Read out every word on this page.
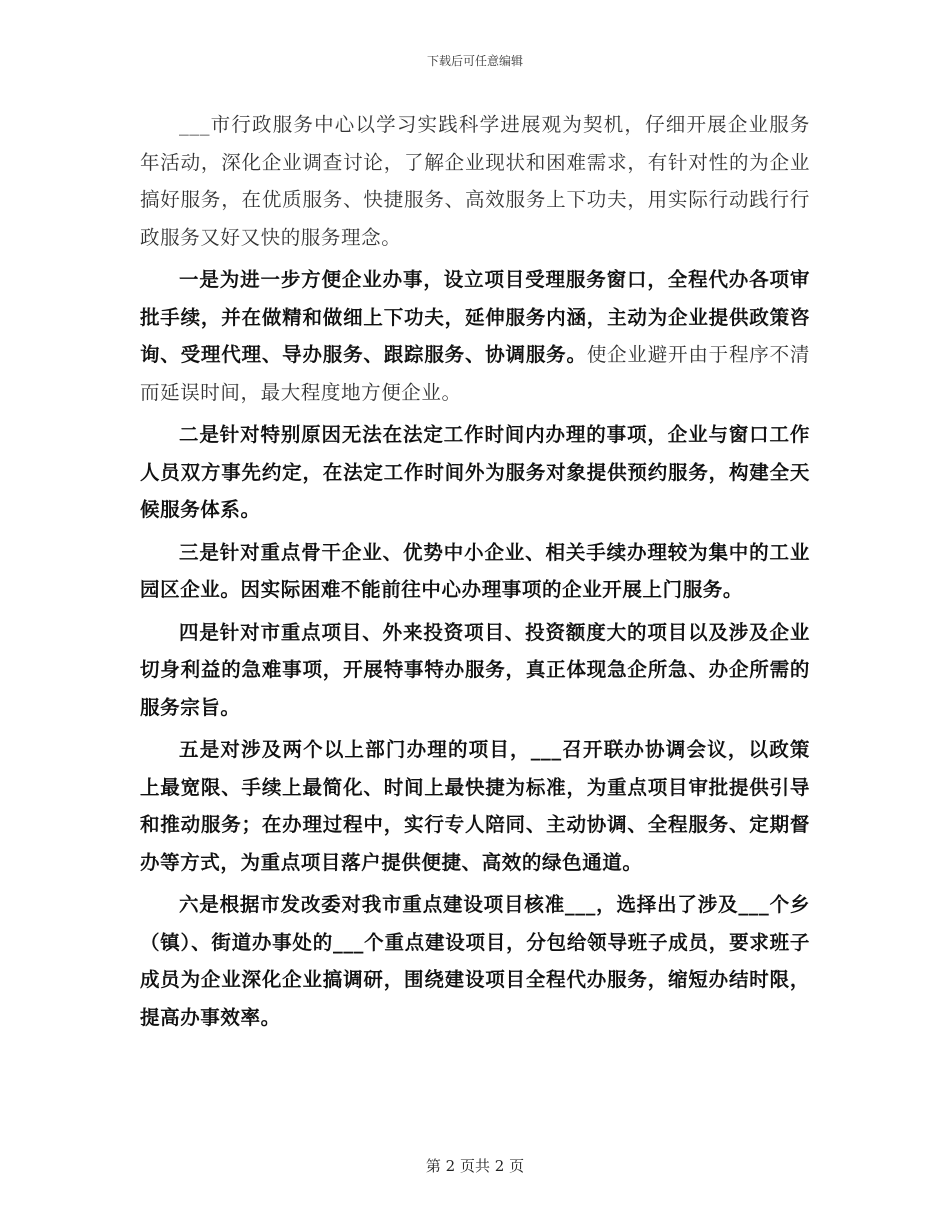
下载后可任意编辑

___市行政服务中心以学习实践科学进展观为契机，仔细开展企业服务年活动，深化企业调查讨论，了解企业现状和困难需求，有针对性的为企业搞好服务，在优质服务、快捷服务、高效服务上下功夫，用实际行动践行行政服务又好又快的服务理念。

一是为进一步方便企业办事，设立项目受理服务窗口，全程代办各项审批手续，并在做精和做细上下功夫，延伸服务内涵，主动为企业提供政策咨询、受理代理、导办服务、跟踪服务、协调服务。使企业避开由于程序不清而延误时间，最大程度地方便企业。

二是针对特别原因无法在法定工作时间内办理的事项，企业与窗口工作人员双方事先约定，在法定工作时间外为服务对象提供预约服务，构建全天候服务体系。

三是针对重点骨干企业、优势中小企业、相关手续办理较为集中的工业园区企业。因实际困难不能前往中心办理事项的企业开展上门服务。

四是针对市重点项目、外来投资项目、投资额度大的项目以及涉及企业切身利益的急难事项，开展特事特办服务，真正体现急企所急、办企所需的服务宗旨。

五是对涉及两个以上部门办理的项目，___召开联办协调会议，以政策上最宽限、手续上最简化、时间上最快捷为标准，为重点项目审批提供引导和推动服务；在办理过程中，实行专人陪同、主动协调、全程服务、定期督办等方式，为重点项目落户提供便捷、高效的绿色通道。

六是根据市发改委对我市重点建设项目核准___，选择出了涉及___个乡（镇）、街道办事处的___个重点建设项目，分包给领导班子成员，要求班子成员为企业深化企业搞调研，围绕建设项目全程代办服务，缩短办结时限，提高办事效率。

第 2 页共 2 页
